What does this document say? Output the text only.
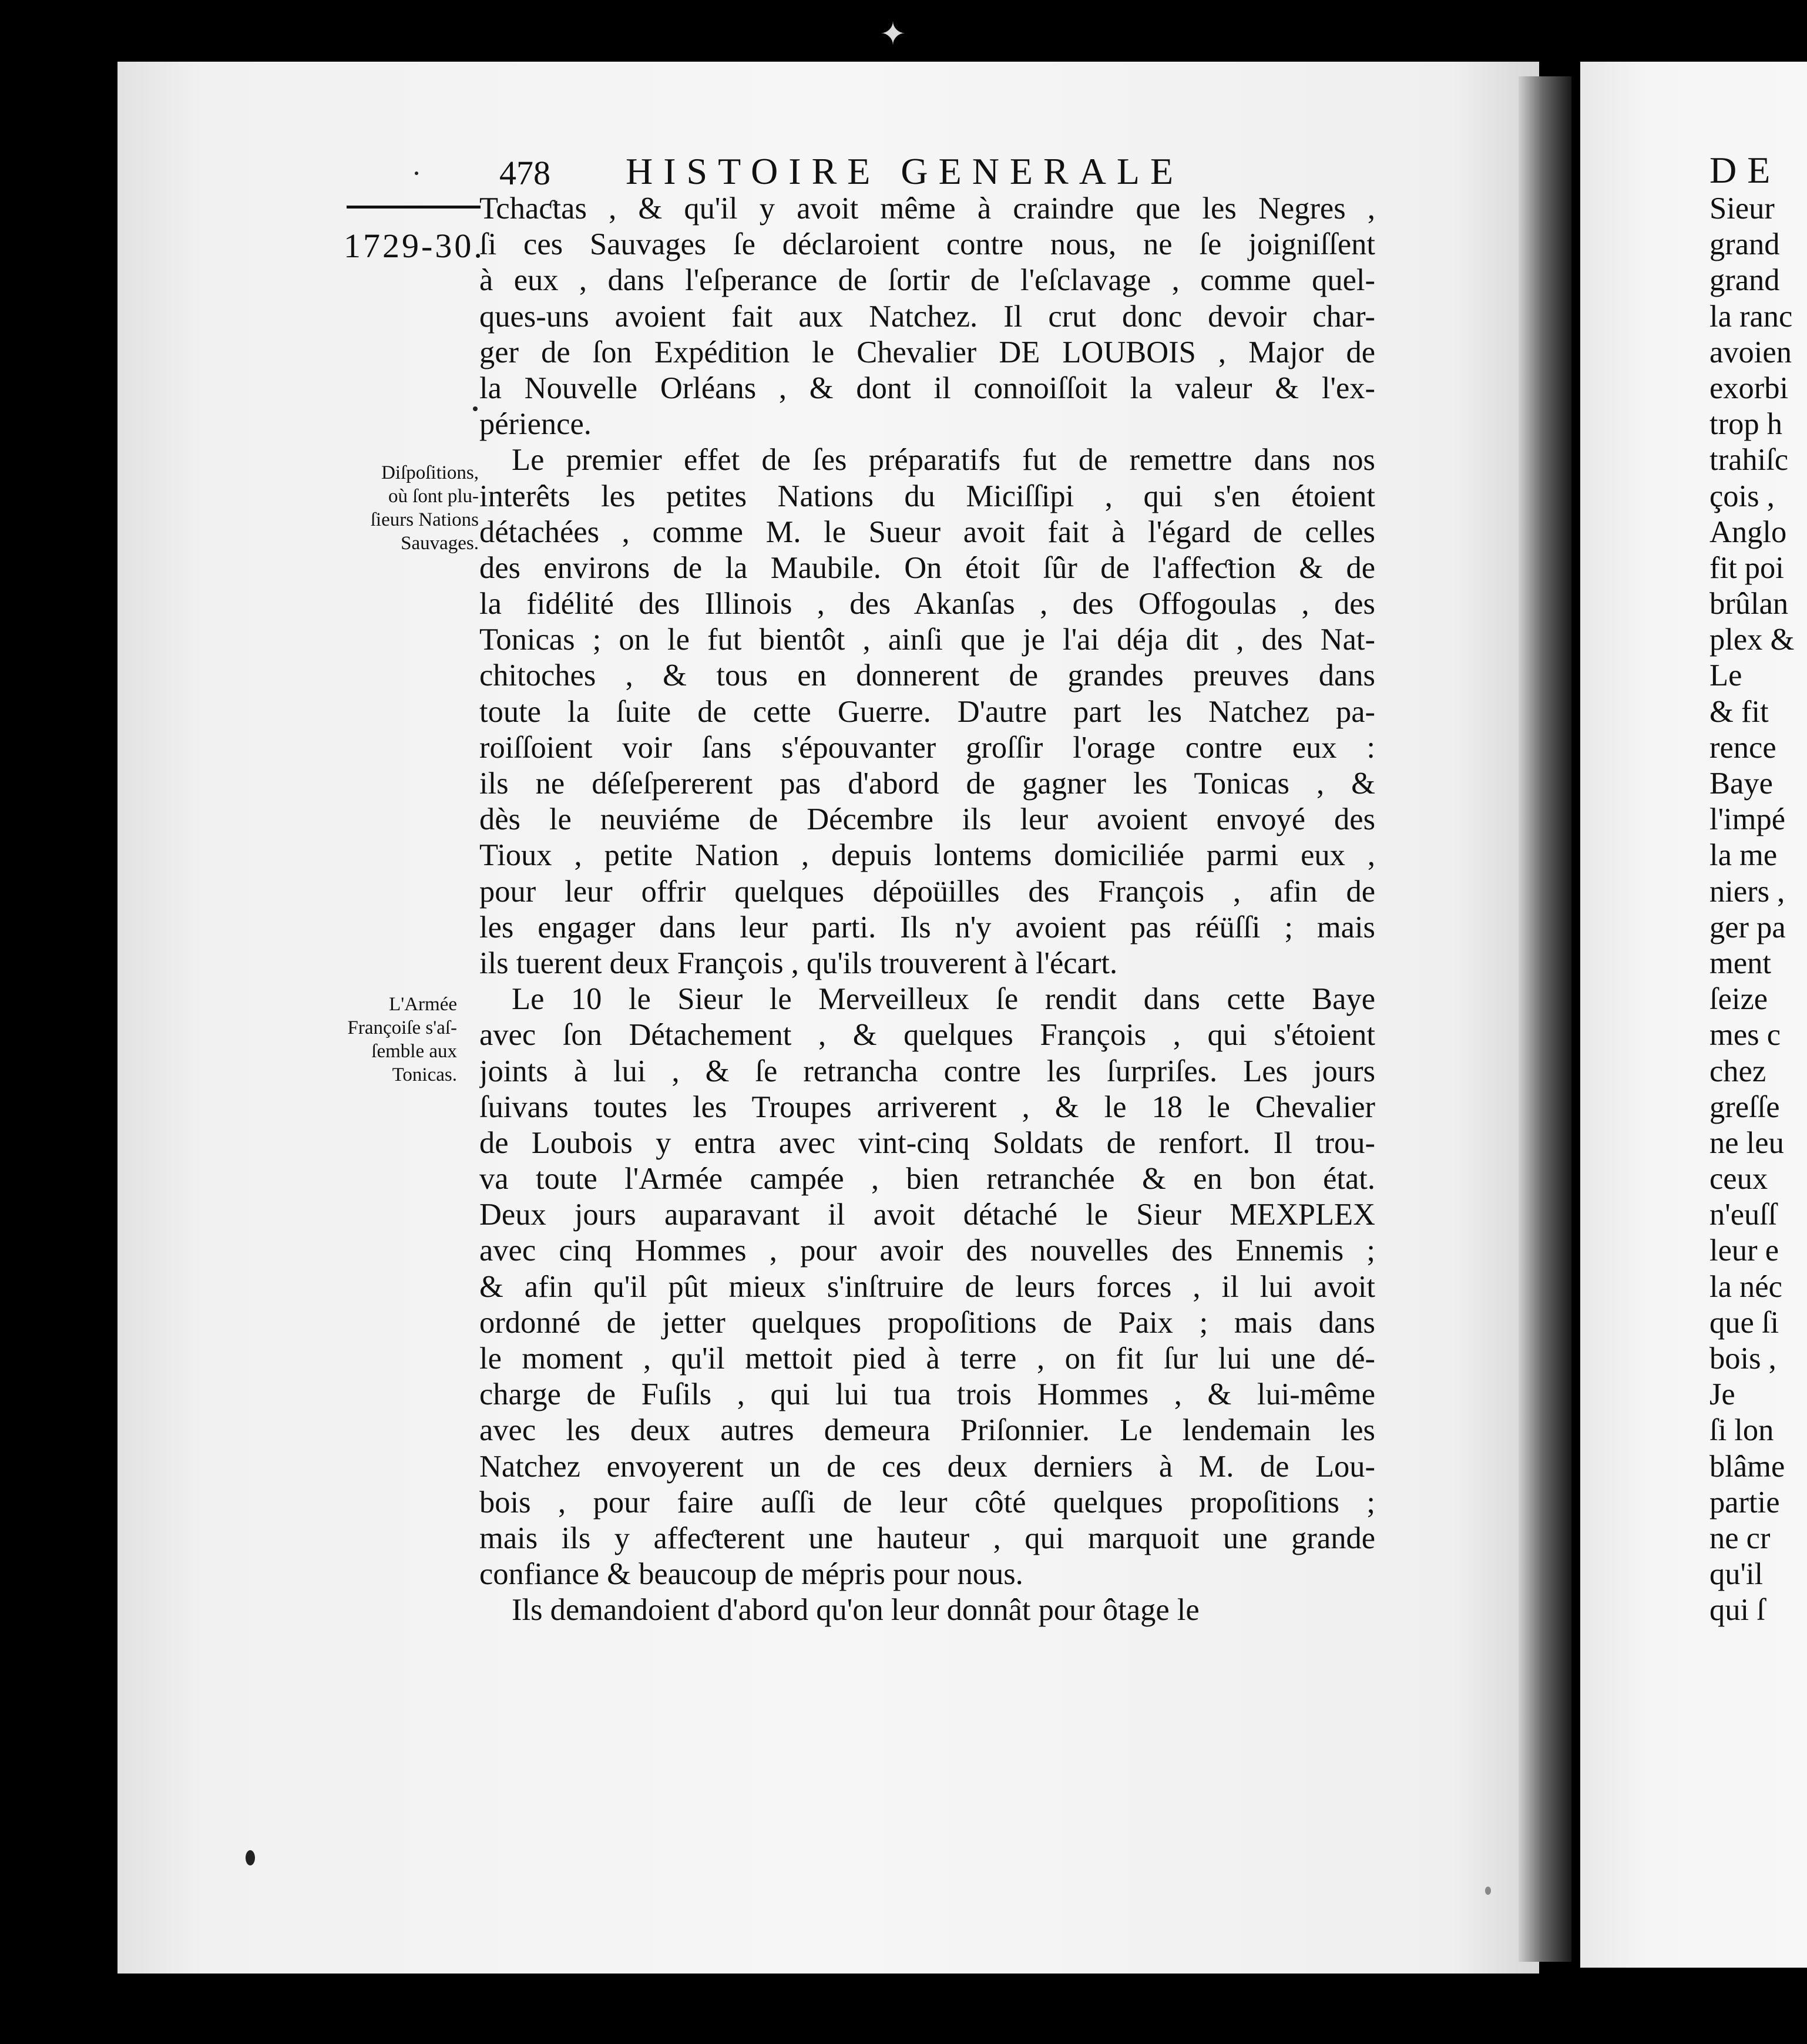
✦
478 HISTOIRE GENERALE
1729-30.
Diſpoſitions,
où ſont plu-
ſieurs Nations
Sauvages.
L'Armée
Françoiſe s'aſ-
ſemble aux
Tonicas.
Tchaƈtas , & qu'il y avoit même à craindre que les Negres ,
ſi ces Sauvages ſe déclaroient contre nous, ne ſe joigniſſent
à eux , dans l'eſperance de ſortir de l'eſclavage , comme quel-
ques-uns avoient fait aux Natchez. Il crut donc devoir char-
ger de ſon Expédition le Chevalier DE LOUBOIS , Major de
la Nouvelle Orléans , & dont il connoiſſoit la valeur & l'ex-
périence.
Le premier effet de ſes préparatifs fut de remettre dans nos
interêts les petites Nations du Miciſſipi , qui s'en étoient
détachées , comme M. le Sueur avoit fait à l'égard de celles
des environs de la Maubile. On étoit ſûr de l'affeƈtion & de
la fidélité des Illinois , des Akanſas , des Offogoulas , des
Tonicas ; on le fut bientôt , ainſi que je l'ai déja dit , des Nat-
chitoches , & tous en donnerent de grandes preuves dans
toute la ſuite de cette Guerre. D'autre part les Natchez pa-
roiſſoient voir ſans s'épouvanter groſſir l'orage contre eux :
ils ne déſeſpererent pas d'abord de gagner les Tonicas , &
dès le neuviéme de Décembre ils leur avoient envoyé des
Tioux , petite Nation , depuis lontems domiciliée parmi eux ,
pour leur offrir quelques dépoüilles des François , afin de
les engager dans leur parti. Ils n'y avoient pas réüſſi ; mais
ils tuerent deux François , qu'ils trouverent à l'écart.
Le 10 le Sieur le Merveilleux ſe rendit dans cette Baye
avec ſon Détachement , & quelques François , qui s'étoient
joints à lui , & ſe retrancha contre les ſurpriſes. Les jours
ſuivans toutes les Troupes arriverent , & le 18 le Chevalier
de Loubois y entra avec vint-cinq Soldats de renfort. Il trou-
va toute l'Armée campée , bien retranchée & en bon état.
Deux jours auparavant il avoit détaché le Sieur MEXPLEX
avec cinq Hommes , pour avoir des nouvelles des Ennemis ;
& afin qu'il pût mieux s'inſtruire de leurs forces , il lui avoit
ordonné de jetter quelques propoſitions de Paix ; mais dans
le moment , qu'il mettoit pied à terre , on fit ſur lui une dé-
charge de Fuſils , qui lui tua trois Hommes , & lui-même
avec les deux autres demeura Priſonnier. Le lendemain les
Natchez envoyerent un de ces deux derniers à M. de Lou-
bois , pour faire auſſi de leur côté quelques propoſitions ;
mais ils y affeƈterent une hauteur , qui marquoit une grande
confiance & beaucoup de mépris pour nous.
Ils demandoient d'abord qu'on leur donnât pour ôtage le
DE
Sieur
grand
grand
la ranc
avoien
exorbi
trop h
trahiſc
çois ,
Anglo
fit poi
brûlan
plex &
Le
& fit
rence
Baye
l'impé
la me
niers ,
ger pa
ment
ſeize
mes c
chez
greſſe
ne leu
ceux
n'euſſ
leur e
la néc
que ſi
bois ,
Je
ſi lon
blâme
partie
ne cr
qu'il
qui ſ
